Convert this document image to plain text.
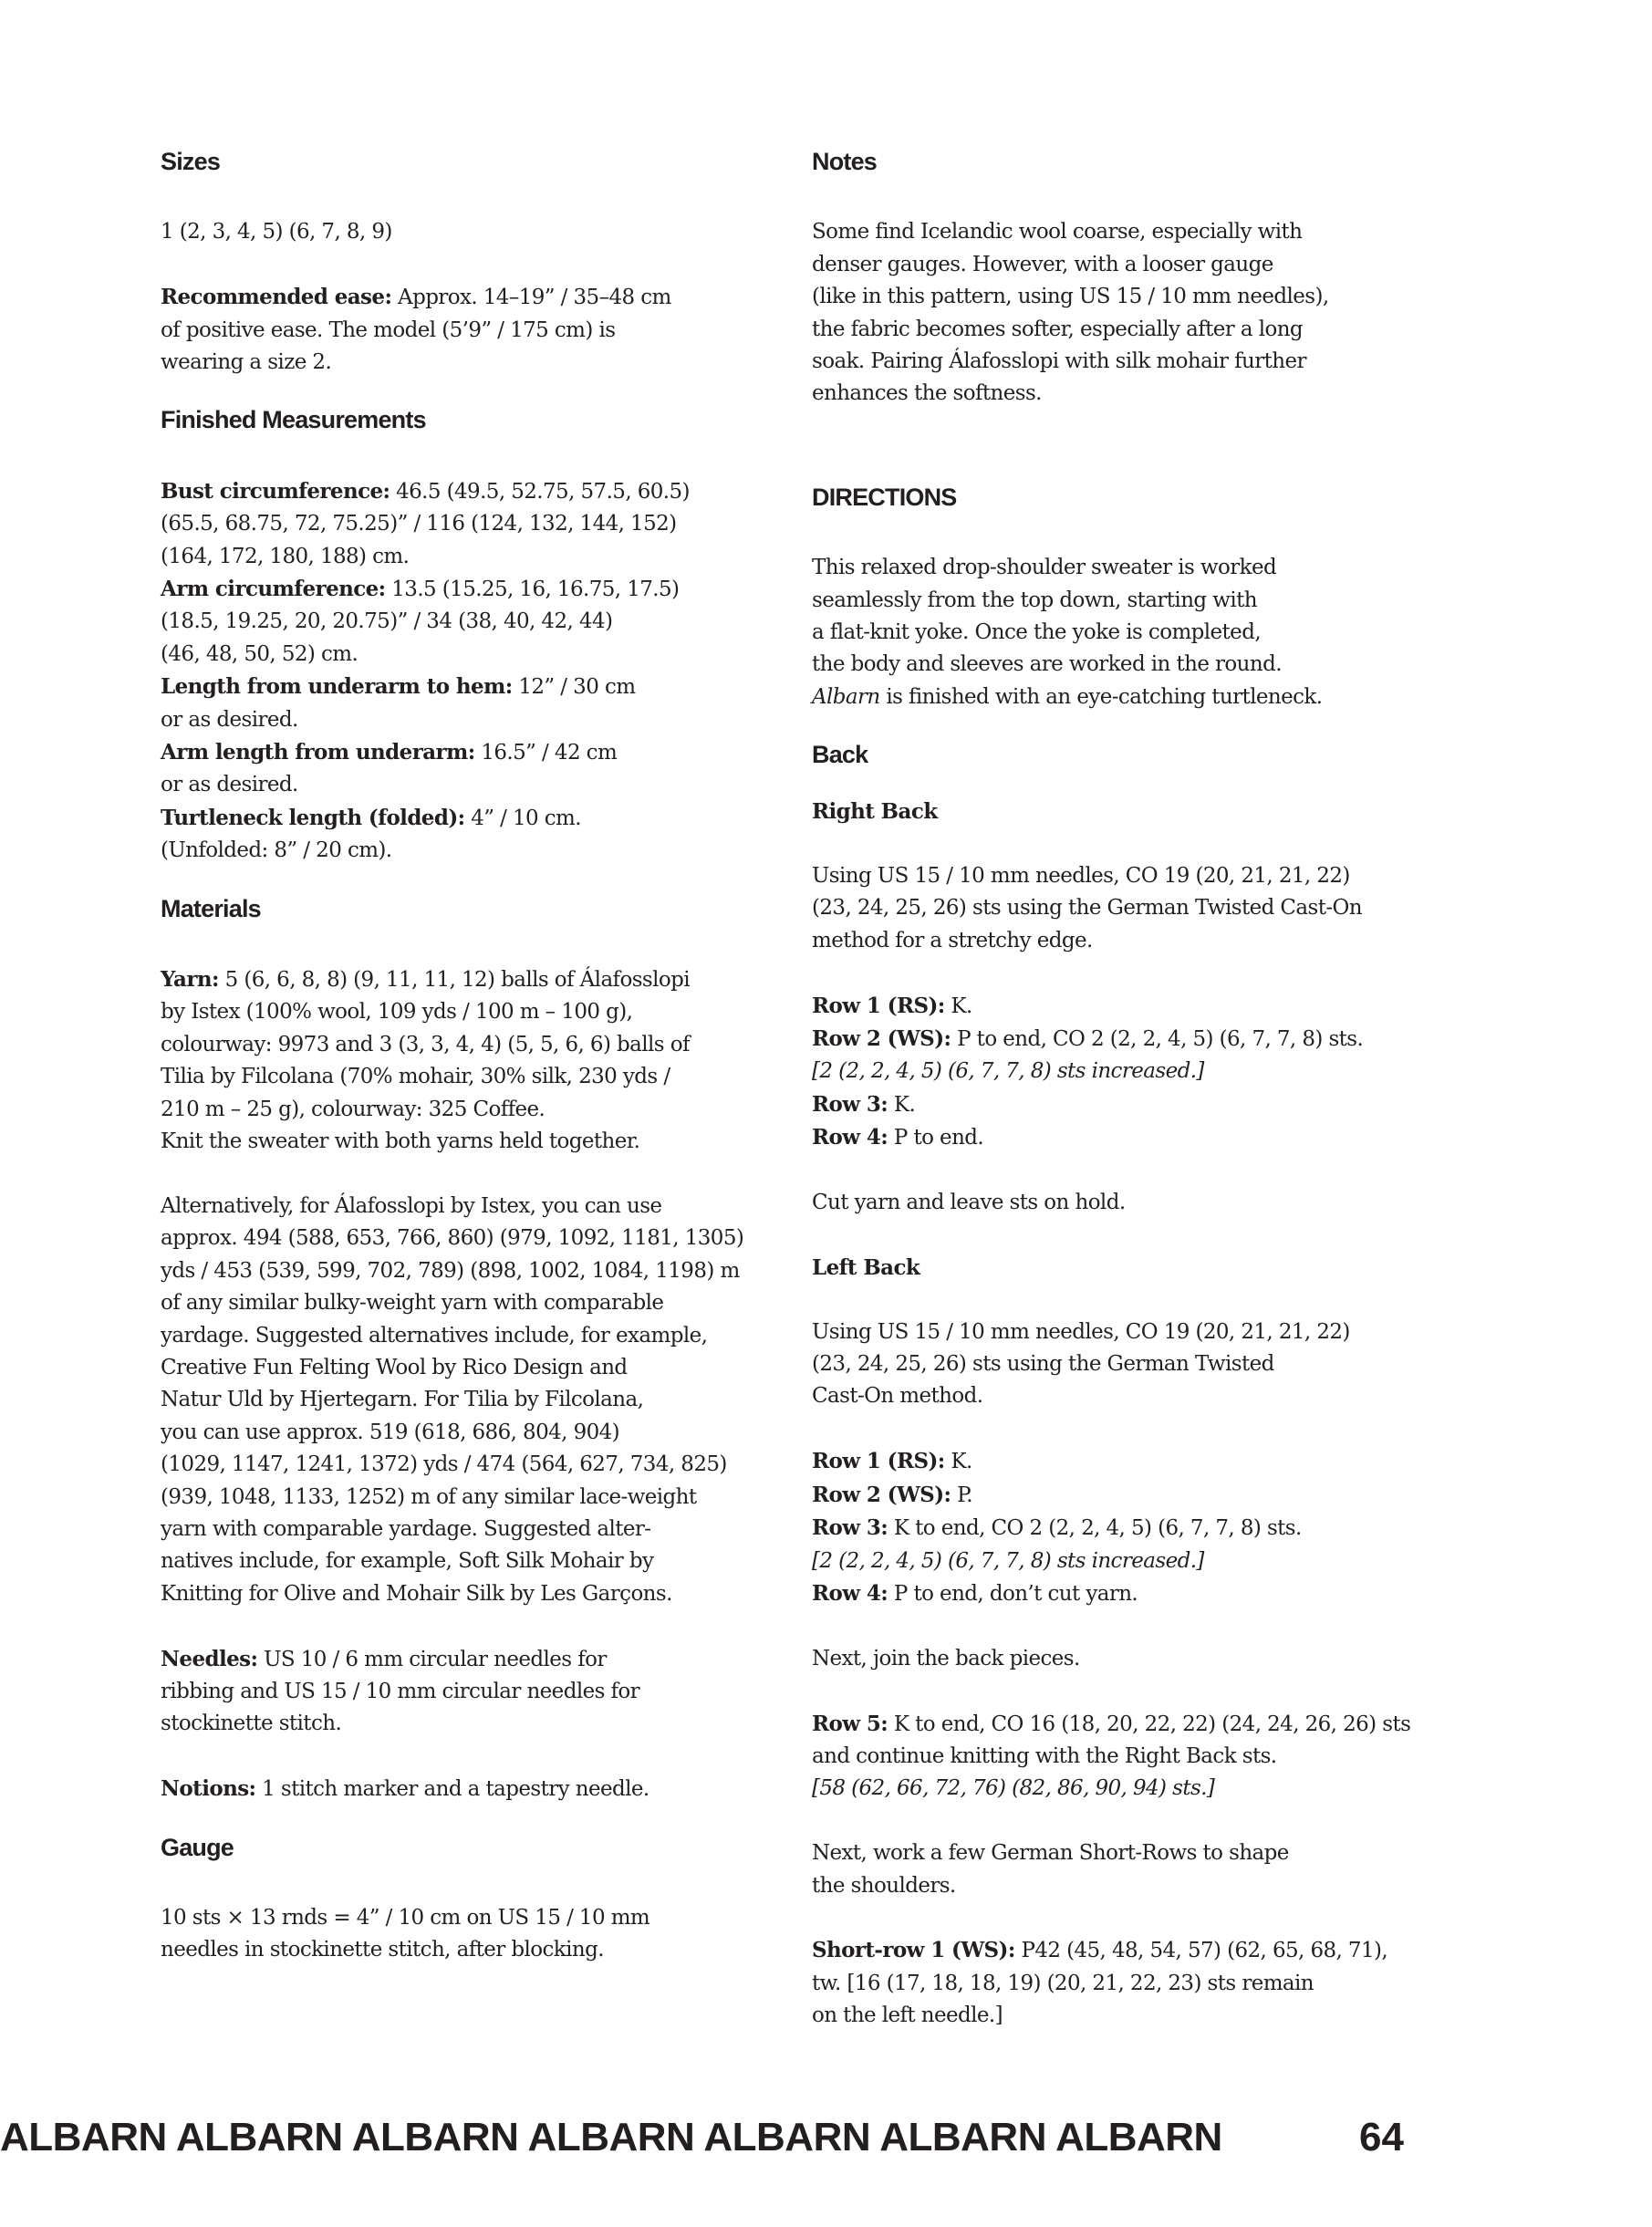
Sizes

1 (2, 3, 4, 5) (6, 7, 8, 9)

Recommended ease: Approx. 14–19” / 35–48 cm
of positive ease. The model (5’9” / 175 cm) is
wearing a size 2.

Finished Measurements

Bust circumference: 46.5 (49.5, 52.75, 57.5, 60.5)
(65.5, 68.75, 72, 75.25)” / 116 (124, 132, 144, 152)
(164, 172, 180, 188) cm.

Arm circumference: 13.5 (15.25, 16, 16.75, 17.5)
(18.5, 19.25, 20, 20.75)” / 34 (38, 40, 42, 44)
(46, 48, 50, 52) cm.

Length from underarm to hem: 12” / 30 cm
or as desired.

Arm length from underarm: 16.5” / 42 cm
or as desired.

Turtleneck length (folded): 4” / 10 cm.
(Unfolded: 8” / 20 cm).

Materials

Yarn: 5 (6, 6, 8, 8) (9, 11, 11, 12) balls of Álafosslopi
by Istex (100% wool, 109 yds / 100 m – 100 g),
colourway: 9973 and 3 (3, 3, 4, 4) (5, 5, 6, 6) balls of
Tilia by Filcolana (70% mohair, 30% silk, 230 yds /
210 m – 25 g), colourway: 325 Coffee.
Knit the sweater with both yarns held together.

Alternatively, for Álafosslopi by Istex, you can use
approx. 494 (588, 653, 766, 860) (979, 1092, 1181, 1305)
yds / 453 (539, 599, 702, 789) (898, 1002, 1084, 1198) m
of any similar bulky-weight yarn with comparable
yardage. Suggested alternatives include, for example,
Creative Fun Felting Wool by Rico Design and
Natur Uld by Hjertegarn. For Tilia by Filcolana,
you can use approx. 519 (618, 686, 804, 904)
(1029, 1147, 1241, 1372) yds / 474 (564, 627, 734, 825)
(939, 1048, 1133, 1252) m of any similar lace-weight
yarn with comparable yardage. Suggested alter-
natives include, for example, Soft Silk Mohair by
Knitting for Olive and Mohair Silk by Les Garçons.

Needles: US 10 / 6 mm circular needles for
ribbing and US 15 / 10 mm circular needles for
stockinette stitch.

Notions: 1 stitch marker and a tapestry needle.

Gauge

10 sts × 13 rnds = 4” / 10 cm on US 15 / 10 mm
needles in stockinette stitch, after blocking.

Notes

Some find Icelandic wool coarse, especially with
denser gauges. However, with a looser gauge
(like in this pattern, using US 15 / 10 mm needles),
the fabric becomes softer, especially after a long
soak. Pairing Álafosslopi with silk mohair further
enhances the softness.

DIRECTIONS

This relaxed drop-shoulder sweater is worked
seamlessly from the top down, starting with
a flat-knit yoke. Once the yoke is completed,
the body and sleeves are worked in the round.
Albarn is finished with an eye-catching turtleneck.

Back

Right Back

Using US 15 / 10 mm needles, CO 19 (20, 21, 21, 22)
(23, 24, 25, 26) sts using the German Twisted Cast-On
method for a stretchy edge.

Row 1 (RS): K.

Row 2 (WS): P to end, CO 2 (2, 2, 4, 5) (6, 7, 7, 8) sts.

[2 (2, 2, 4, 5) (6, 7, 7, 8) sts increased.]

Row 3: K.

Row 4: P to end.

Cut yarn and leave sts on hold.

Left Back

Using US 15 / 10 mm needles, CO 19 (20, 21, 21, 22)
(23, 24, 25, 26) sts using the German Twisted
Cast-On method.

Row 1 (RS): K.

Row 2 (WS): P.

Row 3: K to end, CO 2 (2, 2, 4, 5) (6, 7, 7, 8) sts.

[2 (2, 2, 4, 5) (6, 7, 7, 8) sts increased.]

Row 4: P to end, don’t cut yarn.

Next, join the back pieces.

Row 5: K to end, CO 16 (18, 20, 22, 22) (24, 24, 26, 26) sts
and continue knitting with the Right Back sts.

[58 (62, 66, 72, 76) (82, 86, 90, 94) sts.]

Next, work a few German Short-Rows to shape
the shoulders.

Short-row 1 (WS): P42 (45, 48, 54, 57) (62, 65, 68, 71),
tw. [16 (17, 18, 18, 19) (20, 21, 22, 23) sts remain
on the left needle.]

ALBARN ALBARN ALBARN ALBARN ALBARN ALBARN ALBARN	64
